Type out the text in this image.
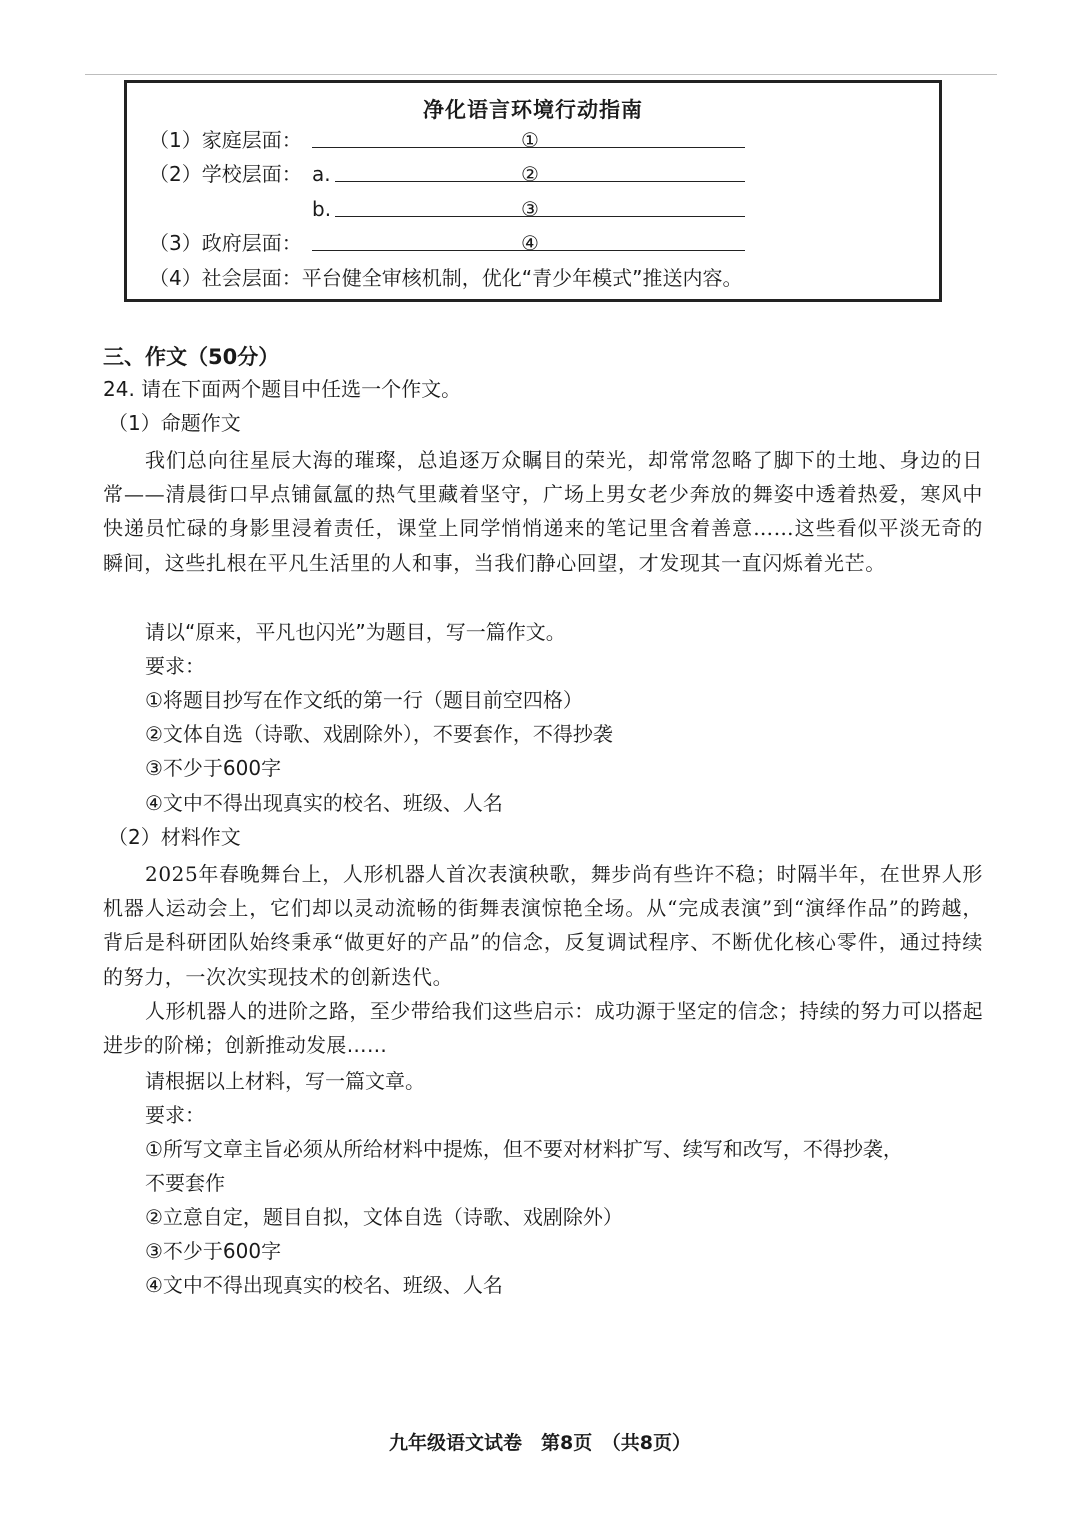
净化语言环境行动指南
（1）家庭层面：	①
（2）学校层面： a.	②
b.	③
（3）政府层面：	④
（4）社会层面：平台健全审核机制，优化“青少年模式”推送内容。
三、作文（50分）
24. 请在下面两个题目中任选一个作文。
（1）命题作文
我们总向往星辰大海的璀璨，总追逐万众瞩目的荣光，却常常忽略了脚下的土地、身边的日常——清晨街口早点铺氤氲的热气里藏着坚守，广场上男女老少奔放的舞姿中透着热爱，寒风中快递员忙碌的身影里浸着责任，课堂上同学悄悄递来的笔记里含着善意……这些看似平淡无奇的瞬间，这些扎根在平凡生活里的人和事，当我们静心回望，才发现其一直闪烁着光芒。
请以“原来，平凡也闪光”为题目，写一篇作文。
要求：
①将题目抄写在作文纸的第一行（题目前空四格）
②文体自选（诗歌、戏剧除外），不要套作，不得抄袭
③不少于600字
④文中不得出现真实的校名、班级、人名
（2）材料作文
2025年春晚舞台上，人形机器人首次表演秧歌，舞步尚有些许不稳；时隔半年，在世界人形机器人运动会上，它们却以灵动流畅的街舞表演惊艳全场。从“完成表演”到“演绎作品”的跨越，背后是科研团队始终秉承“做更好的产品”的信念，反复调试程序、不断优化核心零件，通过持续的努力，一次次实现技术的创新迭代。
人形机器人的进阶之路，至少带给我们这些启示：成功源于坚定的信念；持续的努力可以搭起进步的阶梯；创新推动发展……
请根据以上材料，写一篇文章。
要求：
①所写文章主旨必须从所给材料中提炼，但不要对材料扩写、续写和改写，不得抄袭，
不要套作
②立意自定，题目自拟，文体自选（诗歌、戏剧除外）
③不少于600字
④文中不得出现真实的校名、班级、人名
九年级语文试卷　第8页　（共8页）
